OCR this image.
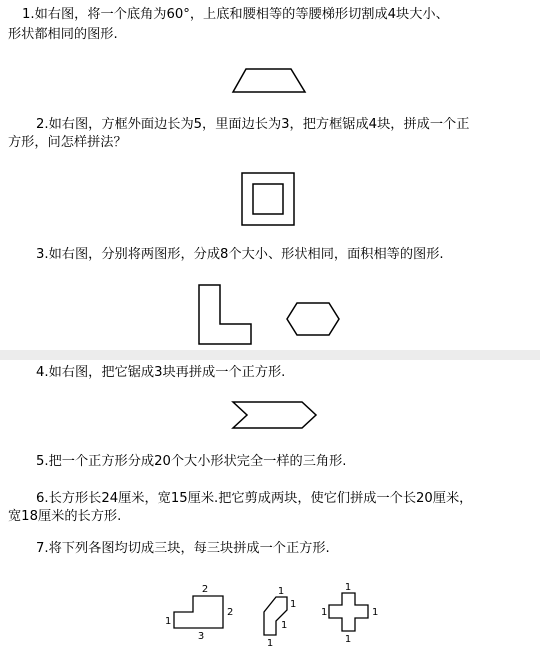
1.如右图，将一个底角为60°，上底和腰相等的等腰梯形切割成4块大小、

形状都相同的图形.

2.如右图，方框外面边长为5，里面边长为3，把方框锯成4块，拼成一个正

方形，问怎样拼法？

3.如右图，分别将两图形，分成8个大小、形状相同，面积相等的图形.

4.如右图，把它锯成3块再拼成一个正方形.

5.把一个正方形分成20个大小形状完全一样的三角形.

6.长方形长24厘米，宽15厘米.把它剪成两块，使它们拼成一个长20厘米，

宽18厘米的长方形.

7.将下列各图均切成三块，每三块拼成一个正方形.

2
2
3
1
1
1
1
1
1
1	1
1
